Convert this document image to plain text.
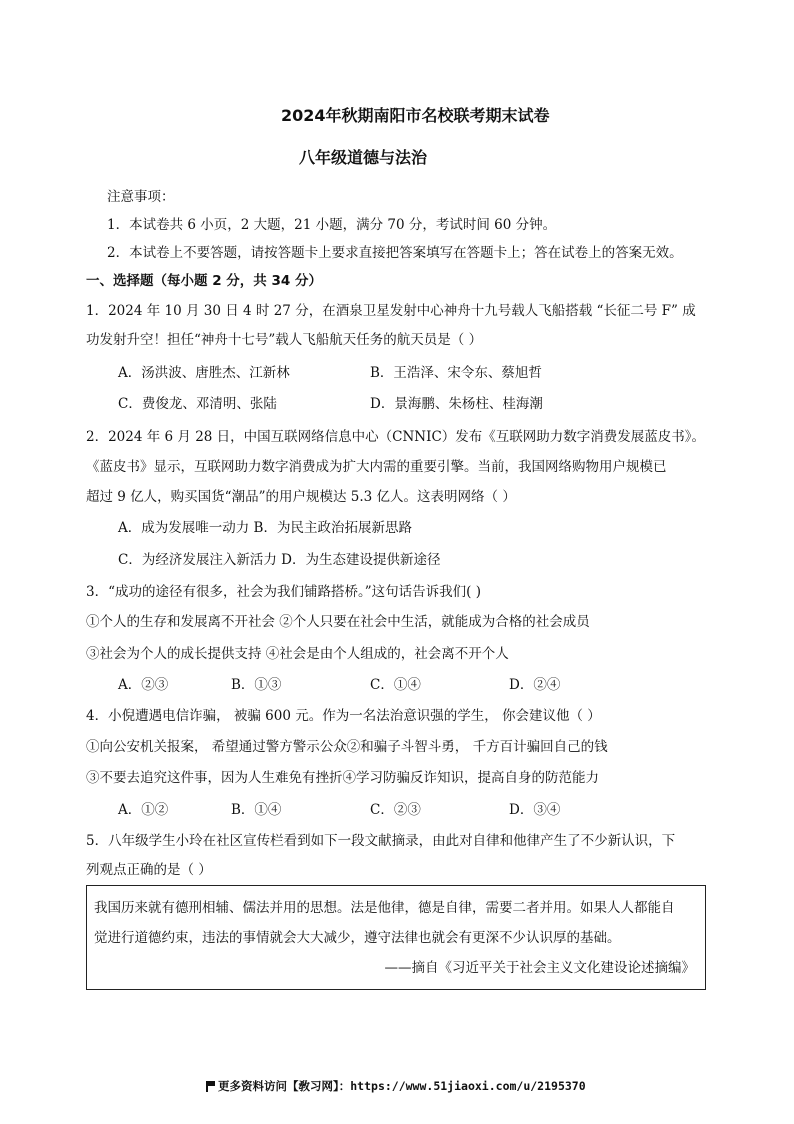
2024年秋期南阳市名校联考期末试卷
八年级道德与法治
注意事项：
1．本试卷共 6 小页，2 大题，21 小题，满分 70 分，考试时间 60 分钟。
2．本试卷上不要答题，请按答题卡上要求直接把答案填写在答题卡上；答在试卷上的答案无效。
一、选择题（每小题 2 分，共 34 分）
1．2024 年 10 月 30 日 4 时 27 分，在酒泉卫星发射中心神舟十九号载人飞船搭载 “长征二号 F” 成
功发射升空！担任“神舟十七号”载人飞船航天任务的航天员是（ ）
A．汤洪波、唐胜杰、江新林	B．王浩泽、宋令东、蔡旭哲
C．费俊龙、邓清明、张陆	D．景海鹏、朱杨柱、桂海潮
2．2024 年 6 月 28 日，中国互联网络信息中心（CNNIC）发布《互联网助力数字消费发展蓝皮书》。
《蓝皮书》显示，互联网助力数字消费成为扩大内需的重要引擎。当前，我国网络购物用户规模已
超过 9 亿人，购买国货“潮品”的用户规模达 5.3 亿人。这表明网络（ ）
A．成为发展唯一动力 B．为民主政治拓展新思路
C．为经济发展注入新活力 D．为生态建设提供新途径
3．“成功的途径有很多，社会为我们铺路搭桥。”这句话告诉我们( )
①个人的生存和发展离不开社会 ②个人只要在社会中生活，就能成为合格的社会成员
③社会为个人的成长提供支持 ④社会是由个人组成的，社会离不开个人
A．②③	B．①③	C．①④	D．②④
4．小倪遭遇电信诈骗， 被骗 600 元。作为一名法治意识强的学生， 你会建议他（ ）
①向公安机关报案， 希望通过警方警示公众②和骗子斗智斗勇， 千方百计骗回自己的钱
③不要去追究这件事，因为人生难免有挫折④学习防骗反诈知识，提高自身的防范能力
A．①②	B．①④	C．②③	D．③④
5．八年级学生小玲在社区宣传栏看到如下一段文献摘录，由此对自律和他律产生了不少新认识，下
列观点正确的是（ ）
我国历来就有德刑相辅、儒法并用的思想。法是他律，德是自律，需要二者并用。如果人人都能自
觉进行道德约束，违法的事情就会大大减少，遵守法律也就会有更深不少认识厚的基础。
——摘自《习近平关于社会主义文化建设论述摘编》
更多资料访问【敎习网】：https://www.51jiaoxi.com/u/2195370
